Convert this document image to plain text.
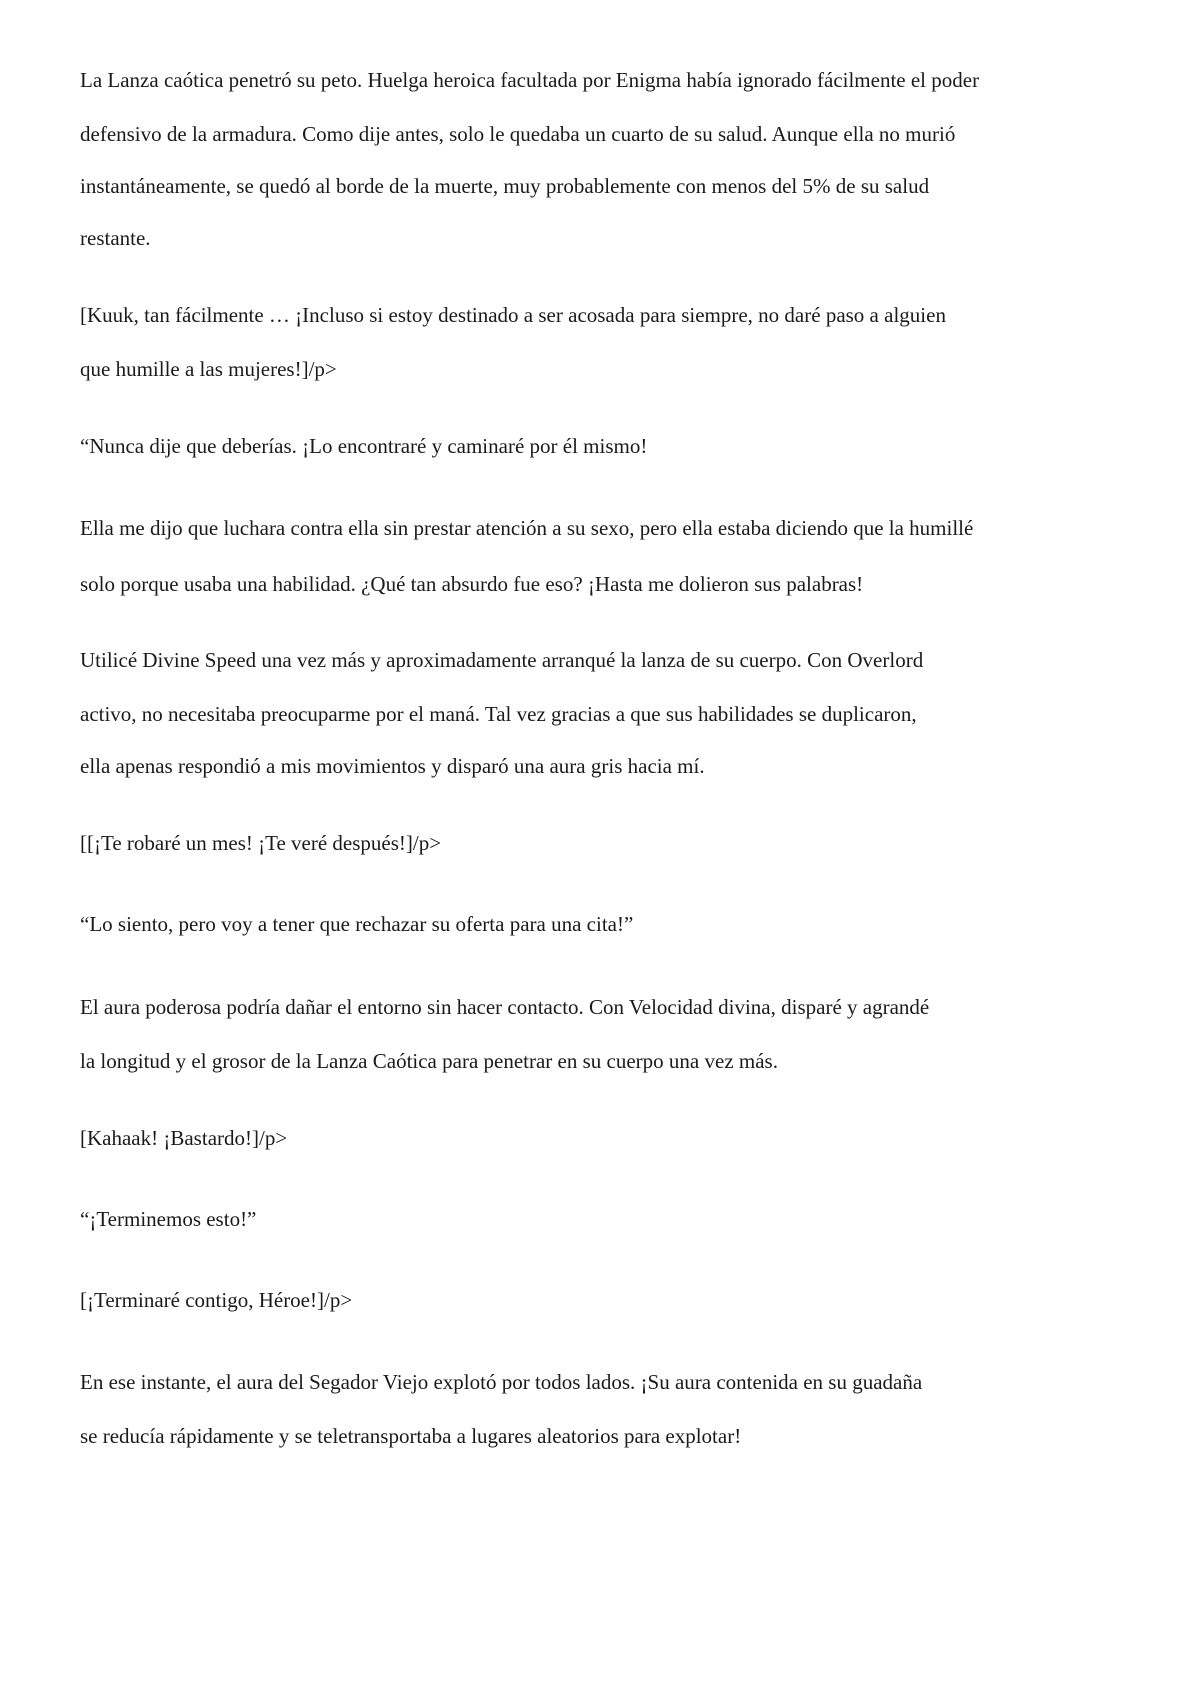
La Lanza caótica penetró su peto. Huelga heroica facultada por Enigma había ignorado fácilmente el poder

defensivo de la armadura. Como dije antes, solo le quedaba un cuarto de su salud. Aunque ella no murió

instantáneamente, se quedó al borde de la muerte, muy probablemente con menos del 5% de su salud

restante.

[Kuuk, tan fácilmente … ¡Incluso si estoy destinado a ser acosada para siempre, no daré paso a alguien

que humille a las mujeres!]/p>

“Nunca dije que deberías. ¡Lo encontraré y caminaré por él mismo!

Ella me dijo que luchara contra ella sin prestar atención a su sexo, pero ella estaba diciendo que la humillé

solo porque usaba una habilidad. ¿Qué tan absurdo fue eso? ¡Hasta me dolieron sus palabras!

Utilicé Divine Speed una vez más y aproximadamente arranqué la lanza de su cuerpo. Con Overlord

activo, no necesitaba preocuparme por el maná. Tal vez gracias a que sus habilidades se duplicaron,

ella apenas respondió a mis movimientos y disparó una aura gris hacia mí.

[[¡Te robaré un mes! ¡Te veré después!]/p>

“Lo siento, pero voy a tener que rechazar su oferta para una cita!”

El aura poderosa podría dañar el entorno sin hacer contacto. Con Velocidad divina, disparé y agrandé

la longitud y el grosor de la Lanza Caótica para penetrar en su cuerpo una vez más.

[Kahaak! ¡Bastardo!]/p>

“¡Terminemos esto!”

[¡Terminaré contigo, Héroe!]/p>

En ese instante, el aura del Segador Viejo explotó por todos lados. ¡Su aura contenida en su guadaña

se reducía rápidamente y se teletransportaba a lugares aleatorios para explotar!
